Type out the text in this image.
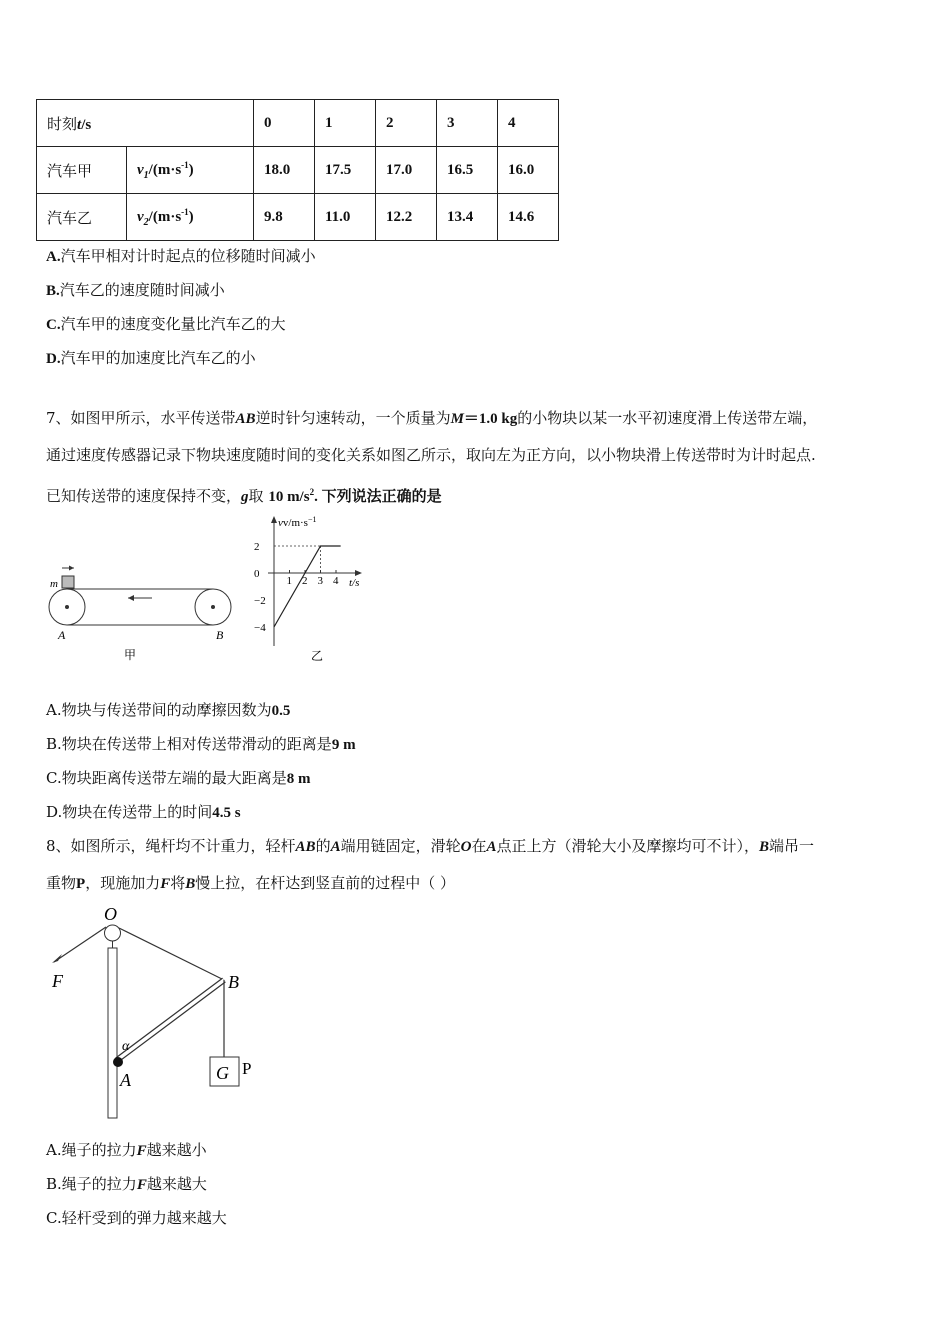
时刻t/s		0	1	2	3	4
汽车甲	$v_1/(m\cdot s^{-1})$	18.0	17.5	17.0	16.5	16.0
汽车乙	$v_2/(m\cdot s^{-1})$	9.8	11.0	12.2	13.4	14.6
A.汽车甲相对计时起点的位移随时间减小
B.汽车乙的速度随时间减小
C.汽车甲的速度变化量比汽车乙的大
D.汽车甲的加速度比汽车乙的小
7、如图甲所示，水平传送带AB逆时针匀速转动，一个质量为M＝1.0 kg的小物块以某一水平初速度滑上传送带左端，
通过速度传感器记录下物块速度随时间的变化关系如图乙所示，取向左为正方向，以小物块滑上传送带时为计时起点.
已知传送带的速度保持不变，g取 10 $m/s^2$. 下列说法正确的是
m
A	B
甲
$vv/m\cdot s^{-1}$
t/s
2
0
−2
−4
1 2 3 4
乙
A.物块与传送带间的动摩擦因数为0.5
B.物块在传送带上相对传送带滑动的距离是9 m
C.物块距离传送带左端的最大距离是8 m
D.物块在传送带上的时间4.5 s
8、如图所示，绳杆均不计重力，轻杆AB的A端用链固定，滑轮O在A点正上方（滑轮大小及摩擦均可不计），B端吊一
重物P，现施加力F将B慢上拉，在杆达到竖直前的过程中（ ）
O
F
α
A
B
G P
A.绳子的拉力F越来越小
B.绳子的拉力F越来越大
C.轻杆受到的弹力越来越大
